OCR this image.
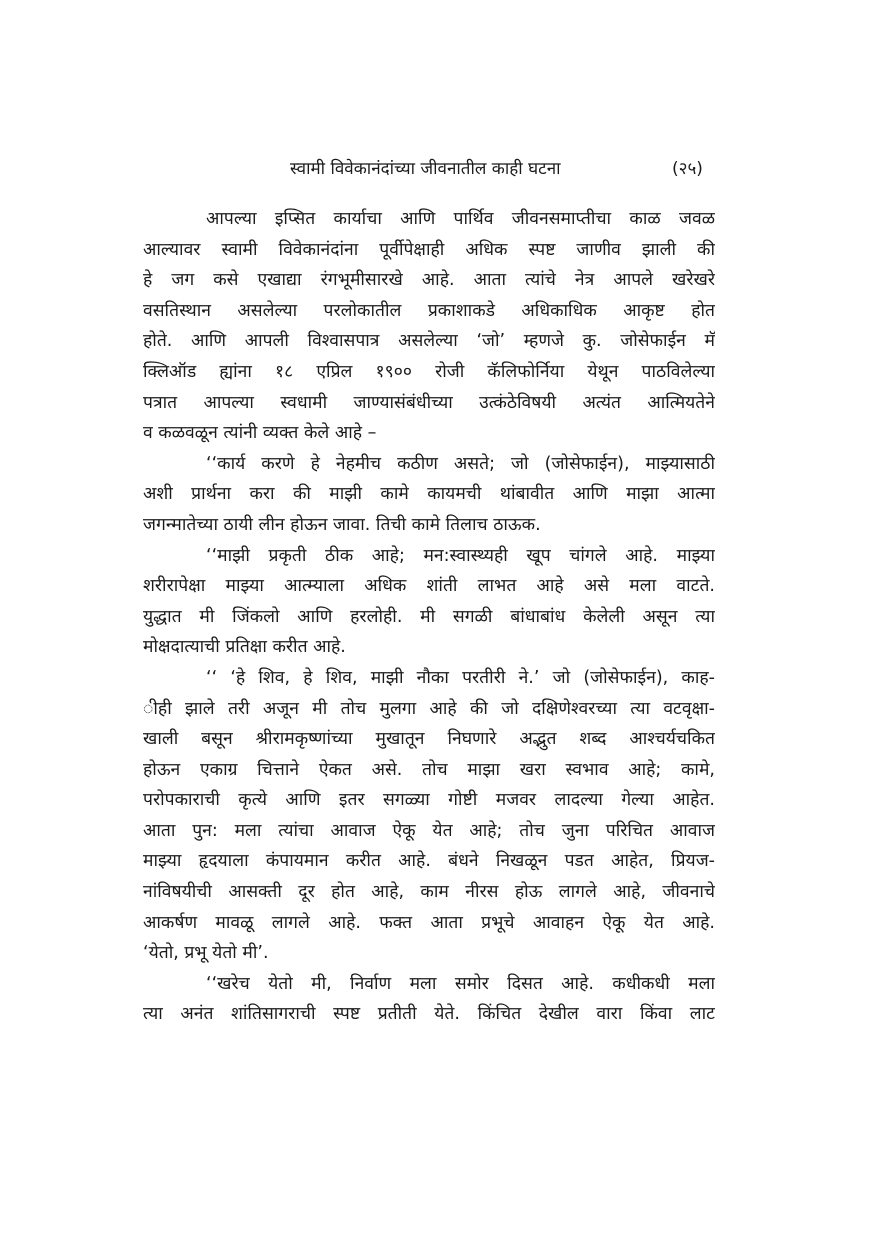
स्वामी विवेकानंदांच्या जीवनातील काही घटना	(२५)
आपल्या इप्सित कार्याचा आणि पार्थिव जीवनसमाप्तीचा काळ जवळ
आल्यावर स्वामी विवेकानंदांना पूर्वीपेक्षाही अधिक स्पष्ट जाणीव झाली की
हे जग कसे एखाद्या रंगभूमीसारखे आहे. आता त्यांचे नेत्र आपले खरेखरे
वसतिस्थान असलेल्या परलोकातील प्रकाशाकडे अधिकाधिक आकृष्ट होत
होते. आणि आपली विश्वासपात्र असलेल्या ‘जो’ म्हणजे कु. जोसेफाईन मॅ
क्लिऑड ह्यांना १८ एप्रिल १९०० रोजी कॅलिफोर्निया येथून पाठविलेल्या
पत्रात आपल्या स्वधामी जाण्यासंबंधीच्या उत्कंठेविषयी अत्यंत आत्मियतेने
व कळवळून त्यांनी व्यक्त केले आहे –
‘‘कार्य करणे हे नेहमीच कठीण असते; जो (जोसेफाईन), माझ्यासाठी
अशी प्रार्थना करा की माझी कामे कायमची थांबावीत आणि माझा आत्मा
जगन्मातेच्या ठायी लीन होऊन जावा. तिची कामे तिलाच ठाऊक.
‘‘माझी प्रकृती ठीक आहे; मन:स्वास्थ्यही खूप चांगले आहे. माझ्या
शरीरापेक्षा माझ्या आत्म्याला अधिक शांती लाभत आहे असे मला वाटते.
युद्धात मी जिंकलो आणि हरलोही. मी सगळी बांधाबांध केलेली असून त्या
मोक्षदात्याची प्रतिक्षा करीत आहे.
‘‘ ‘हे शिव, हे शिव, माझी नौका परतीरी ने.’ जो (जोसेफाईन), काह-
ीही झाले तरी अजून मी तोच मुलगा आहे की जो दक्षिणेश्वरच्या त्या वटवृक्षा-
खाली बसून श्रीरामकृष्णांच्या मुखातून निघणारे अद्भुत शब्द आश्चर्यचकित
होऊन एकाग्र चित्ताने ऐकत असे. तोच माझा खरा स्वभाव आहे; कामे,
परोपकाराची कृत्ये आणि इतर सगळ्या गोष्टी मजवर लादल्या गेल्या आहेत.
आता पुन: मला त्यांचा आवाज ऐकू येत आहे; तोच जुना परिचित आवाज
माझ्या हृदयाला कंपायमान करीत आहे. बंधने निखळून पडत आहेत, प्रियज-
नांविषयीची आसक्ती दूर होत आहे, काम नीरस होऊ लागले आहे, जीवनाचे
आकर्षण मावळू लागले आहे. फक्त आता प्रभूचे आवाहन ऐकू येत आहे.
‘येतो, प्रभू येतो मी’.
‘‘खरेच येतो मी, निर्वाण मला समोर दिसत आहे. कधीकधी मला
त्या अनंत शांतिसागराची स्पष्ट प्रतीती येते. किंचित देखील वारा किंवा लाट
